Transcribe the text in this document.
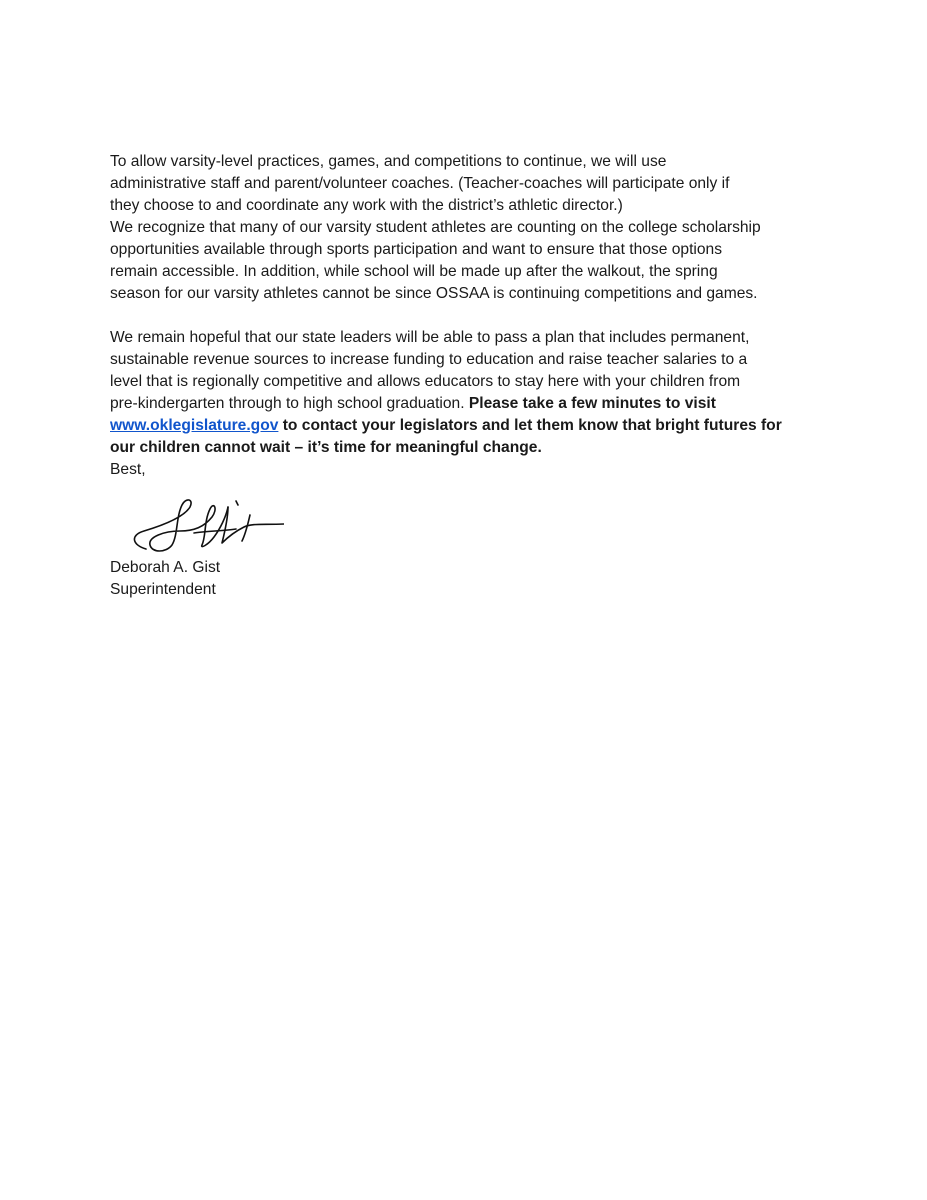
To allow varsity-level practices, games, and competitions to continue, we will use

administrative staff and parent/volunteer coaches. (Teacher-coaches will participate only if

they choose to and coordinate any work with the district’s athletic director.)

We recognize that many of our varsity student athletes are counting on the college scholarship

opportunities available through sports participation and want to ensure that those options

remain accessible. In addition, while school will be made up after the walkout, the spring

season for our varsity athletes cannot be since OSSAA is continuing competitions and games.

We remain hopeful that our state leaders will be able to pass a plan that includes permanent,

sustainable revenue sources to increase funding to education and raise teacher salaries to a

level that is regionally competitive and allows educators to stay here with your children from

pre-kindergarten through to high school graduation. Please take a few minutes to visit

www.oklegislature.gov to contact your legislators and let them know that bright futures for

our children cannot wait – it’s time for meaningful change.

Best,

Deborah A. Gist

Superintendent
